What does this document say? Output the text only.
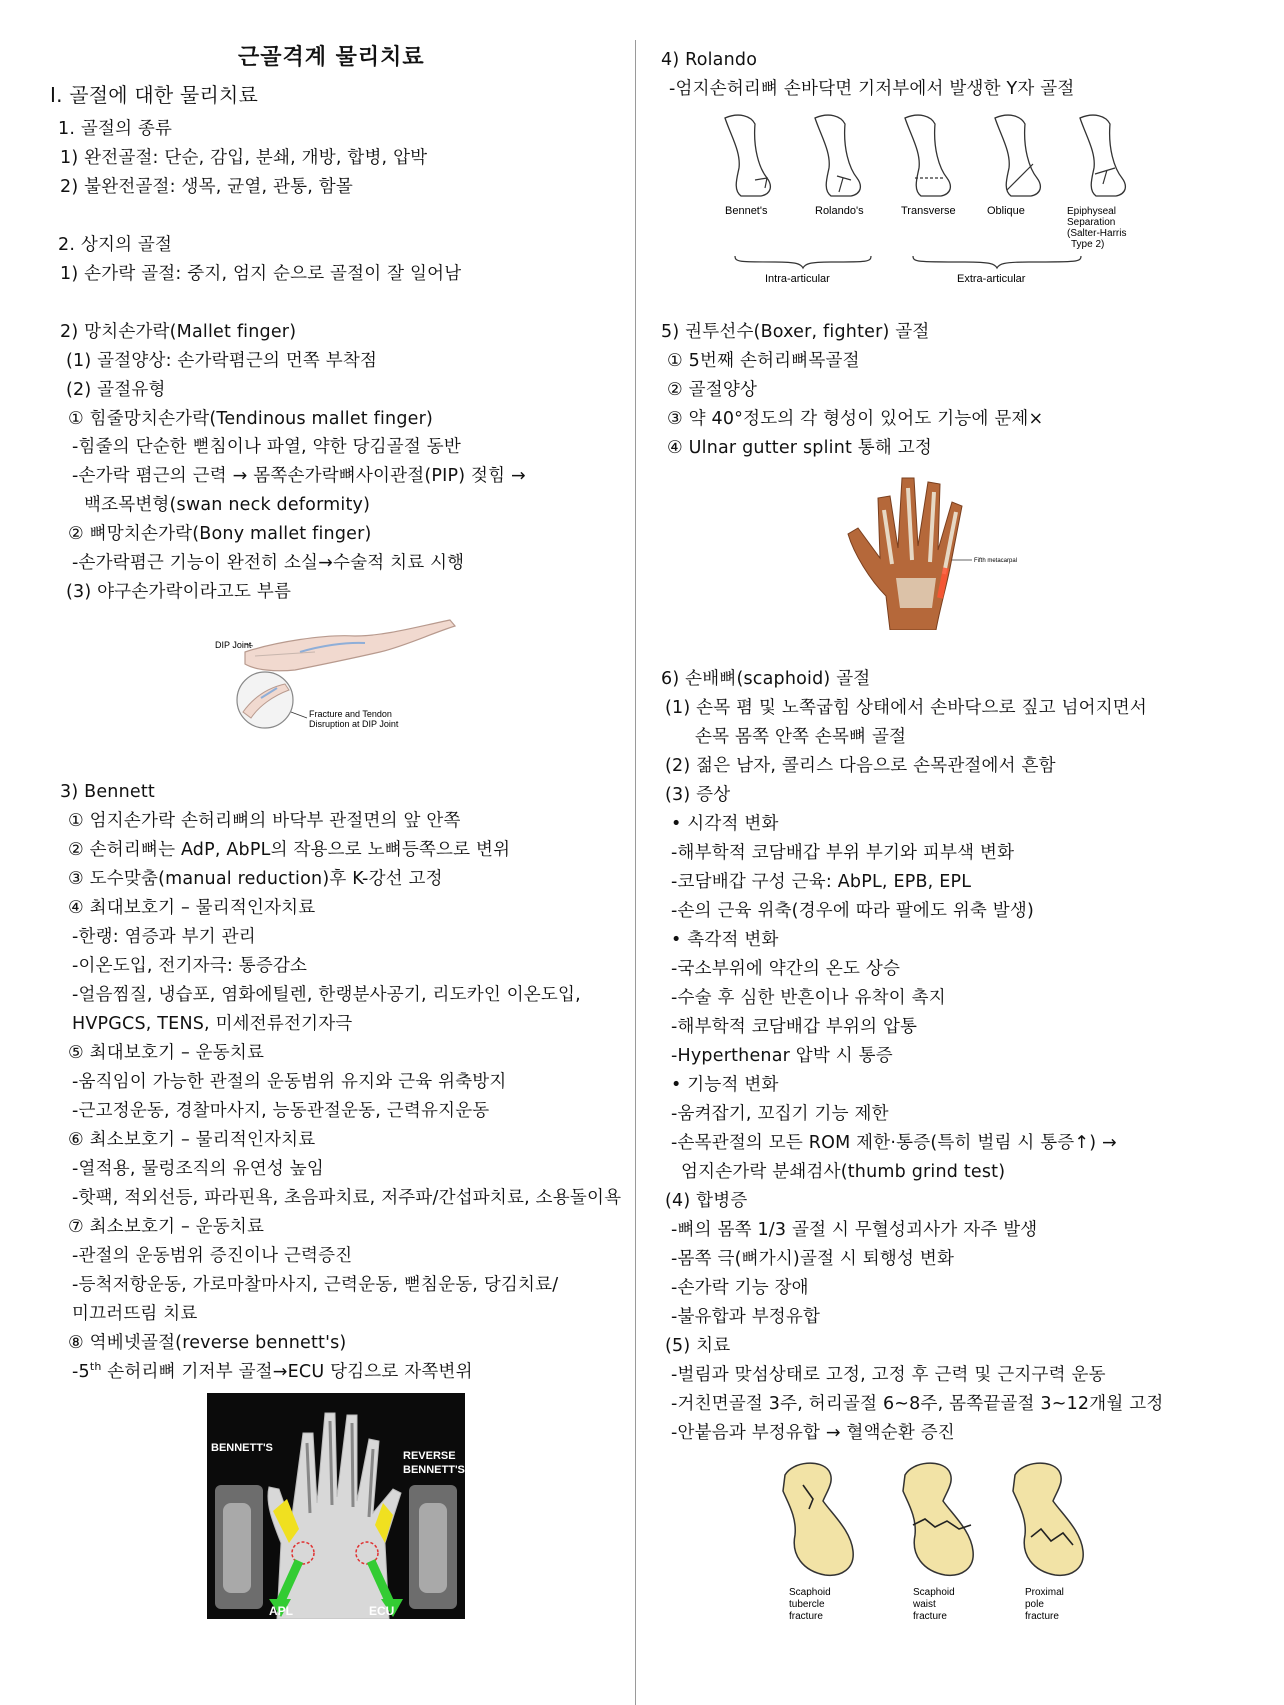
근골격계 물리치료
I. 골절에 대한 물리치료
1. 골절의 종류
1) 완전골절: 단순, 감입, 분쇄, 개방, 합병, 압박
2) 불완전골절: 생목, 균열, 관통, 함몰
2. 상지의 골절
1) 손가락 골절: 중지, 엄지 순으로 골절이 잘 일어남
2) 망치손가락(Mallet finger)
(1) 골절양상: 손가락폄근의 먼쪽 부착점
(2) 골절유형
① 힘줄망치손가락(Tendinous mallet finger)
-힘줄의 단순한 뻗침이나 파열, 약한 당김골절 동반
-손가락 폄근의 근력 → 몸쪽손가락뼈사이관절(PIP) 젖힘 →
백조목변형(swan neck deformity)
② 뼈망치손가락(Bony mallet finger)
-손가락폄근 기능이 완전히 소실→수술적 치료 시행
(3) 야구손가락이라고도 부름
DIP Joint
Fracture and Tendon
Disruption at DIP Joint
3) Bennett
① 엄지손가락 손허리뼈의 바닥부 관절면의 앞 안쪽
② 손허리뼈는 AdP, AbPL의 작용으로 노뼈등쪽으로 변위
③ 도수맞춤(manual reduction)후 K-강선 고정
④ 최대보호기 – 물리적인자치료
-한랭: 염증과 부기 관리
-이온도입, 전기자극: 통증감소
-얼음찜질, 냉습포, 염화에틸렌, 한랭분사공기, 리도카인 이온도입,
HVPGCS, TENS, 미세전류전기자극
⑤ 최대보호기 – 운동치료
-움직임이 가능한 관절의 운동범위 유지와 근육 위축방지
-근고정운동, 경찰마사지, 능동관절운동, 근력유지운동
⑥ 최소보호기 – 물리적인자치료
-열적용, 물렁조직의 유연성 높임
-핫팩, 적외선등, 파라핀욕, 초음파치료, 저주파/간섭파치료, 소용돌이욕
⑦ 최소보호기 – 운동치료
-관절의 운동범위 증진이나 근력증진
-등척저항운동, 가로마찰마사지, 근력운동, 뻗침운동, 당김치료/
미끄러뜨림 치료
⑧ 역베넷골절(reverse bennett's)
-5th 손허리뼈 기저부 골절→ECU 당김으로 자쪽변위
BENNETT'S
REVERSE
BENNETT'S
APL	ECU
4) Rolando
-엄지손허리뼈 손바닥면 기저부에서 발생한 Y자 골절
Bennet's	Rolando's	Transverse	Oblique	Epiphyseal
Separation
(Salter-Harris
Type 2)
Intra-articular	Extra-articular
5) 권투선수(Boxer, fighter) 골절
① 5번째 손허리뼈목골절
② 골절양상
③ 약 40°정도의 각 형성이 있어도 기능에 문제×
④ Ulnar gutter splint 통해 고정
Fifth metacarpal
6) 손배뼈(scaphoid) 골절
(1) 손목 폄 및 노쪽굽힘 상태에서 손바닥으로 짚고 넘어지면서
손목 몸쪽 안쪽 손목뼈 골절
(2) 젊은 남자, 콜리스 다음으로 손목관절에서 흔함
(3) 증상
• 시각적 변화
-해부학적 코담배갑 부위 부기와 피부색 변화
-코담배갑 구성 근육: AbPL, EPB, EPL
-손의 근육 위축(경우에 따라 팔에도 위축 발생)
• 촉각적 변화
-국소부위에 약간의 온도 상승
-수술 후 심한 반흔이나 유착이 촉지
-해부학적 코담배갑 부위의 압통
-Hyperthenar 압박 시 통증
• 기능적 변화
-움켜잡기, 꼬집기 기능 제한
-손목관절의 모든 ROM 제한·통증(특히 벌림 시 통증↑) →
엄지손가락 분쇄검사(thumb grind test)
(4) 합병증
-뼈의 몸쪽 1/3 골절 시 무혈성괴사가 자주 발생
-몸쪽 극(뼈가시)골절 시 퇴행성 변화
-손가락 기능 장애
-불유합과 부정유합
(5) 치료
-벌림과 맞섬상태로 고정, 고정 후 근력 및 근지구력 운동
-거친면골절 3주, 허리골절 6~8주, 몸쪽끝골절 3~12개월 고정
-안붙음과 부정유합 → 혈액순환 증진
Scaphoid
tubercle
fracture
Scaphoid
waist
fracture
Proximal
pole
fracture
